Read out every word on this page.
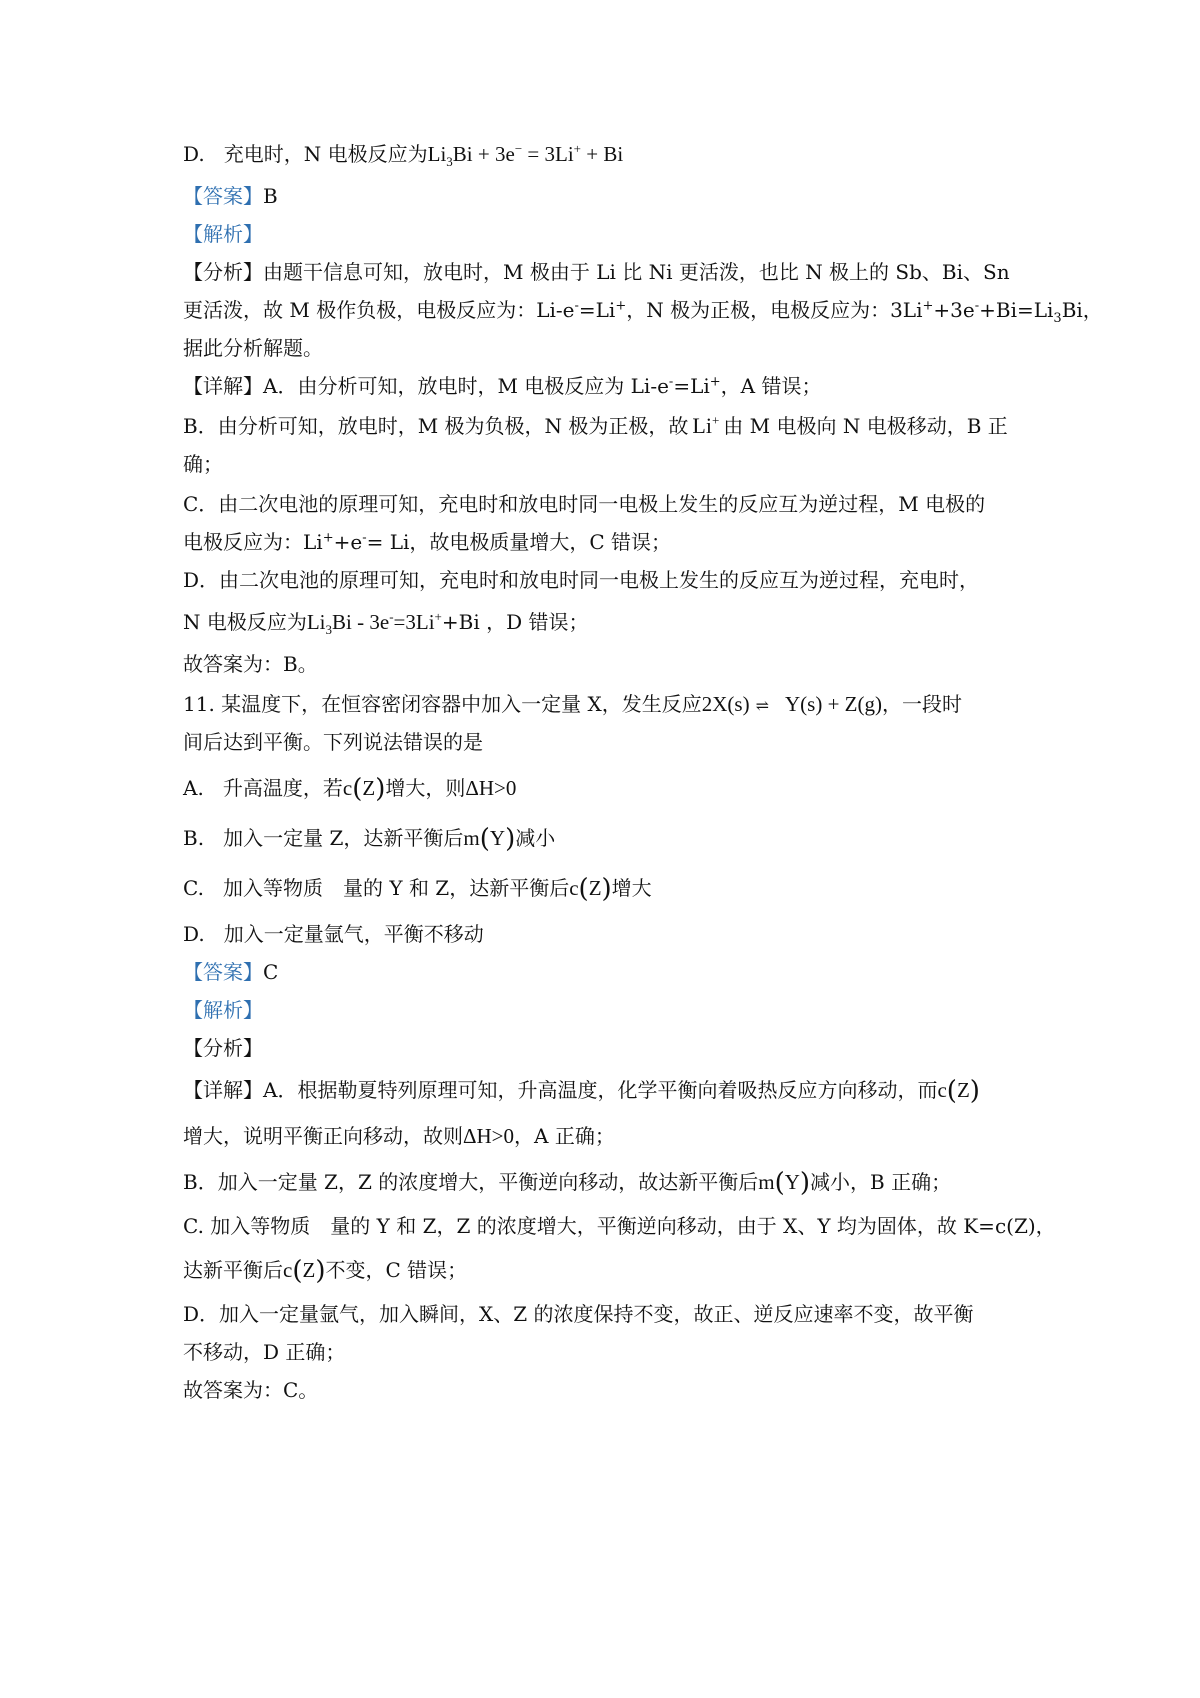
D. 充电时，N 电极反应为$Li_3Bi + 3e^- = 3Li^+ + Bi$
【答案】B
【解析】
【分析】由题干信息可知，放电时，M 极由于 Li 比 Ni 更活泼，也比 N 极上的 Sb、Bi、Sn
更活泼，故 M 极作负极，电极反应为：Li-e-=Li+，N 极为正极，电极反应为：$3Li^++3e^-+Bi=Li_3Bi$，
据此分析解题。
【详解】A．由分析可知，放电时，M 电极反应为 Li-e-=Li+，A 错误；
B．由分析可知，放电时，M 极为负极，N 极为正极，故 Li+ 由 M 电极向 N 电极移动，B 正
确；
C．由二次电池的原理可知，充电时和放电时同一电极上发生的反应互为逆过程，M 电极的
电极反应为：Li++e-= Li，故电极质量增大，C 错误；
D．由二次电池的原理可知，充电时和放电时同一电极上发生的反应互为逆过程，充电时，
N 电极反应为$Li_3Bi - 3e^-=3Li^++Bi$ ，D 错误；
故答案为：B。
11. 某温度下，在恒容密闭容器中加入一定量 X，发生反应2X(s) ⇌ Y(s) + Z(g)，一段时
间后达到平衡。下列说法错误的是
A. 升高温度，若c(Z)增大，则ΔH>0
B. 加入一定量 Z，达新平衡后m(Y)减小
C. 加入等物质　量的 Y 和 Z，达新平衡后c(Z)增大
D. 加入一定量氩气，平衡不移动
【答案】C
【解析】
【分析】
【详解】A．根据勒夏特列原理可知，升高温度，化学平衡向着吸热反应方向移动，而c(Z)
增大，说明平衡正向移动，故则ΔH>0，A 正确；
B．加入一定量 Z，Z 的浓度增大，平衡逆向移动，故达新平衡后m(Y)减小，B 正确；
C. 加入等物质　量的 Y 和 Z，Z 的浓度增大，平衡逆向移动，由于 X、Y 均为固体，故 K=c(Z)，
达新平衡后c(Z)不变，C 错误；
D．加入一定量氩气，加入瞬间，X、Z 的浓度保持不变，故正、逆反应速率不变，故平衡
不移动，D 正确；
故答案为：C。
